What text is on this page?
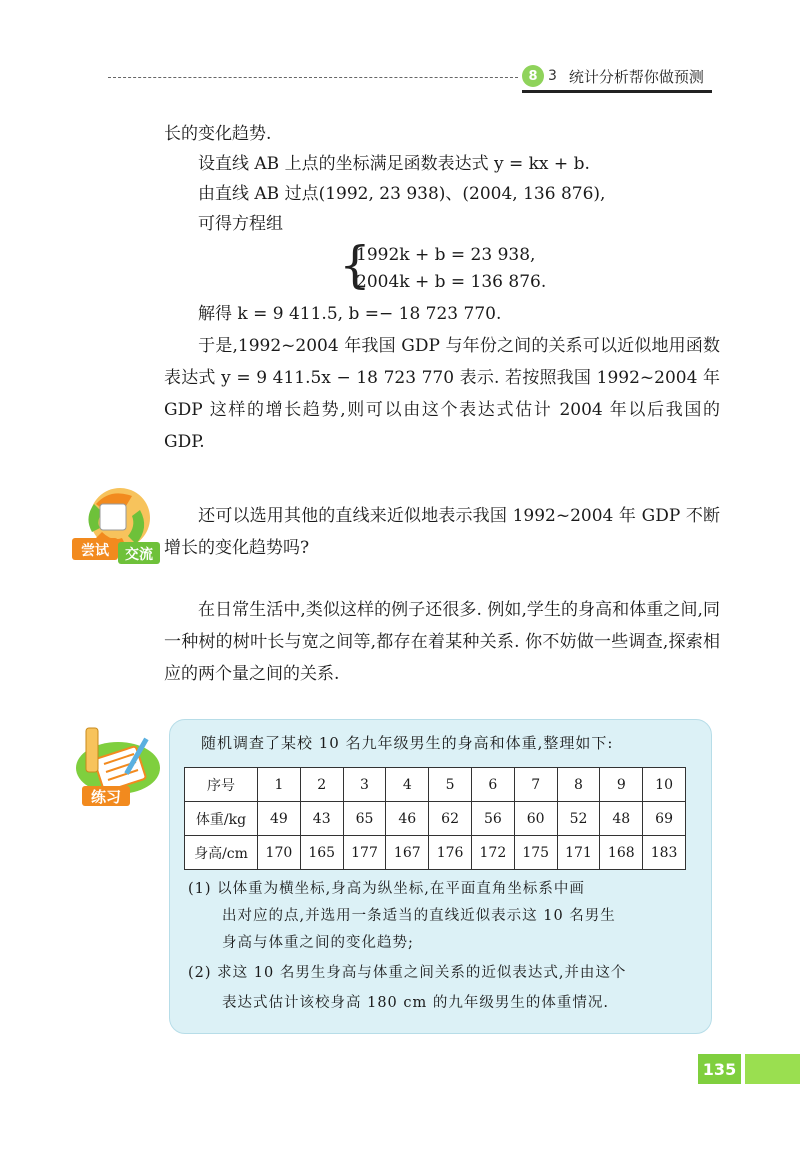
8 3 统计分析帮你做预测
长的变化趋势.
设直线 AB 上点的坐标满足函数表达式 y = kx + b.
由直线 AB 过点(1992, 23 938)、(2004, 136 876),
可得方程组
{
1992k + b = 23 938,
2004k + b = 136 876.
解得 k = 9 411.5, b =− 18 723 770.
于是,1992~2004 年我国 GDP 与年份之间的关系可以近似地用函数表达式 y = 9 411.5x − 18 723 770 表示. 若按照我国 1992~2004 年 GDP 这样的增长趋势,则可以由这个表达式估计 2004 年以后我国的 GDP.
尝试 交流
还可以选用其他的直线来近似地表示我国 1992~2004 年 GDP 不断增长的变化趋势吗?
在日常生活中,类似这样的例子还很多. 例如,学生的身高和体重之间,同一种树的树叶长与宽之间等,都存在着某种关系. 你不妨做一些调查,探索相应的两个量之间的关系.
练习
随机调查了某校 10 名九年级男生的身高和体重,整理如下:
序号	1	2	3	4	5	6	7	8	9	10
体重/kg	49	43	65	46	62	56	60	52	48	69
身高/cm	170	165	177	167	176	172	175	171	168	183
(1) 以体重为横坐标,身高为纵坐标,在平面直角坐标系中画
出对应的点,并选用一条适当的直线近似表示这 10 名男生
身高与体重之间的变化趋势;
(2) 求这 10 名男生身高与体重之间关系的近似表达式,并由这个
表达式估计该校身高 180 cm 的九年级男生的体重情况.
135
